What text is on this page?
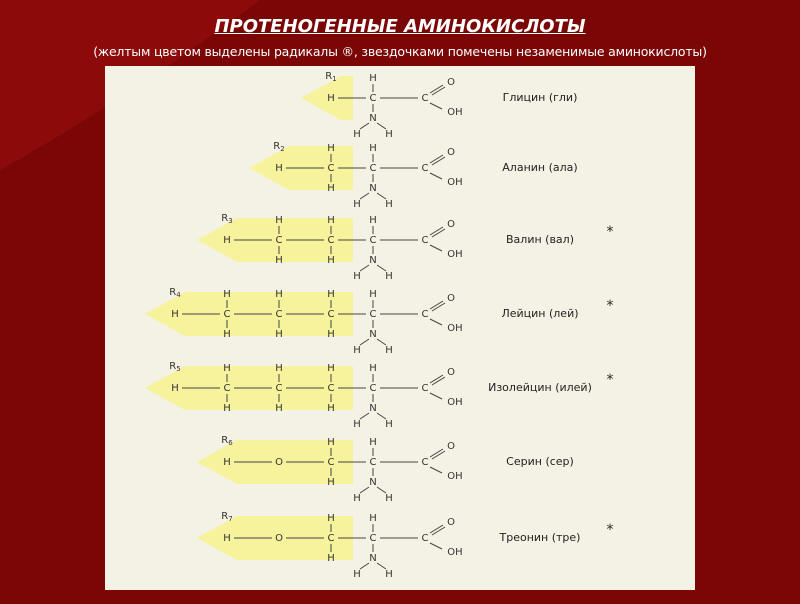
ПРОТЕНОГЕННЫЕ АМИНОКИСЛОТЫ
(желтым цветом выделены радикалы ®, звездочками помечены незаменимые аминокислоты)
$R_1$
H	C
H
N
H H
C
O
OH
Глицин (гли)
$R_2$
H	C
H
H
C
H
N
H H
C
O
OH
Аланин (ала)
$R_3$
H	C
H
H
C
H
H
C
H
N
H H
C
O
OH
Валин (вал) *
$R_4$
H	C
H
H
C
H
H
C
H
H
C
H
N
H H
C
O
OH
Лейцин (лей) *
$R_5$
H	C
H
H
C
H
H
C
H
H
C
H
N
H H
C
O
OH
Изолейцин (илей) *
$R_6$
H	O	C
H
H
C
H
N
H H
C
O
OH
Серин (сер)
$R_7$
H	O	C
H
H
C
H
N
H H
C
O
OH
Треонин (тре) *
